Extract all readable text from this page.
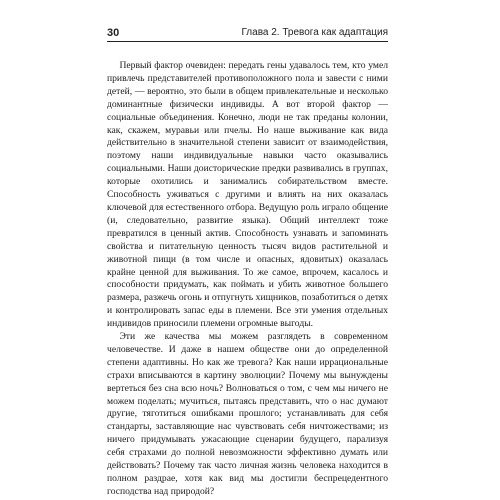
30	Глава 2. Тревога как адаптация

Первый фактор очевиден: передать гены удавалось тем, кто умел привлечь представителей противоположного пола и завести с ними детей, — вероятно, это были в общем привлекательные и несколько доминантные физически индивиды. А вот второй фактор — социальные объединения. Конечно, люди не так преданы колонии, как, скажем, муравьи или пчелы. Но наше выживание как вида действительно в значительной степени зависит от взаимодействия, поэтому наши индивидуальные навыки часто оказывались социальными. Наши доисторические предки развивались в группах, которые охотились и занимались собирательством вместе. Способность уживаться с другими и влиять на них оказалась ключевой для естественного отбора. Ведущую роль играло общение (и, следовательно, развитие языка). Общий интеллект тоже превратился в ценный актив. Способность узнавать и запоминать свойства и питательную ценность тысяч видов растительной и животной пищи (в том числе и опасных, ядовитых) оказалась крайне ценной для выживания. То же самое, впрочем, касалось и способности придумать, как поймать и убить животное большего размера, разжечь огонь и отпугнуть хищников, позаботиться о детях и контролировать запас еды в племени. Все эти умения отдельных индивидов приносили племени огромные выгоды.

Эти же качества мы можем разглядеть в современном человечестве. И даже в нашем обществе они до определенной степени адаптивны. Но как же тревога? Как наши иррациональные страхи вписываются в картину эволюции? Почему мы вынуждены вертеться без сна всю ночь? Волноваться о том, с чем мы ничего не можем поделать; мучиться, пытаясь представить, что о нас думают другие, тяготиться ошибками прошлого; устанавливать для себя стандарты, заставляющие нас чувствовать себя ничтожествами; из ничего придумывать ужасающие сценарии будущего, парализуя себя страхами до полной невозможности эффективно думать или действовать? Почему так часто личная жизнь человека находится в полном раздрае, хотя как вид мы достигли беспрецедентного господства над природой?
